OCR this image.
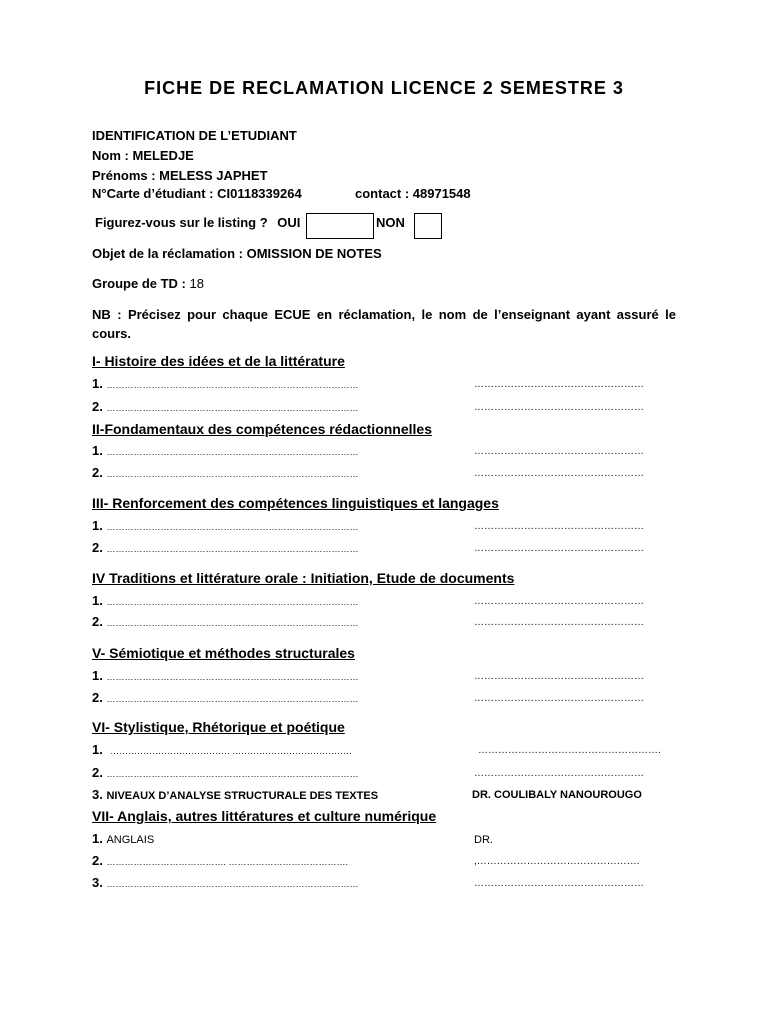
FICHE DE RECLAMATION LICENCE 2 SEMESTRE 3
IDENTIFICATION DE L’ETUDIANT
Nom : MELEDJE
Prénoms : MELESS JAPHET
N°Carte d’étudiant : CI0118339264	contact : 48971548
Figurez-vous sur le listing ? OUI	NON
Objet de la réclamation : OMISSION DE NOTES
Groupe de TD : 18
NB : Précisez pour chaque ECUE en réclamation, le nom de l’enseignant ayant assuré le cours.
I- Histoire des idées et de la littérature
1. …………………………………………………………………………	……………………………………………
2. …………………………………………………………………………	……………………………………………
II-Fondamentaux des compétences rédactionnelles
1. …………………………………………………………………………	……………………………………………
2. …………………………………………………………………………	……………………………………………
III- Renforcement des compétences linguistiques et langages
1. …………………………………………………………………………	……………………………………………
2. …………………………………………………………………………	……………………………………………
IV Traditions et littérature orale : Initiation, Etude de documents
1. …………………………………………………………………………	……………………………………………
2. …………………………………………………………………………	……………………………………………
V- Sémiotique et méthodes structurales
1. …………………………………………………………………………	……………………………………………
2. …………………………………………………………………………	……………………………………………
VI- Stylistique, Rhétorique et poétique
1. …………………………………. ………………………………….	……………………………………………….
2. …………………………………………………………………………	……………………………………………
3. NIVEAUX D’ANALYSE STRUCTURALE DES TEXTES	DR. COULIBALY NANOUROUGO
VII- Anglais, autres littératures et culture numérique
1. ANGLAIS	DR.
2. …………………………………. ………………………………….	,………………………………………….
3. …………………………………………………………………………	……………………………………………
